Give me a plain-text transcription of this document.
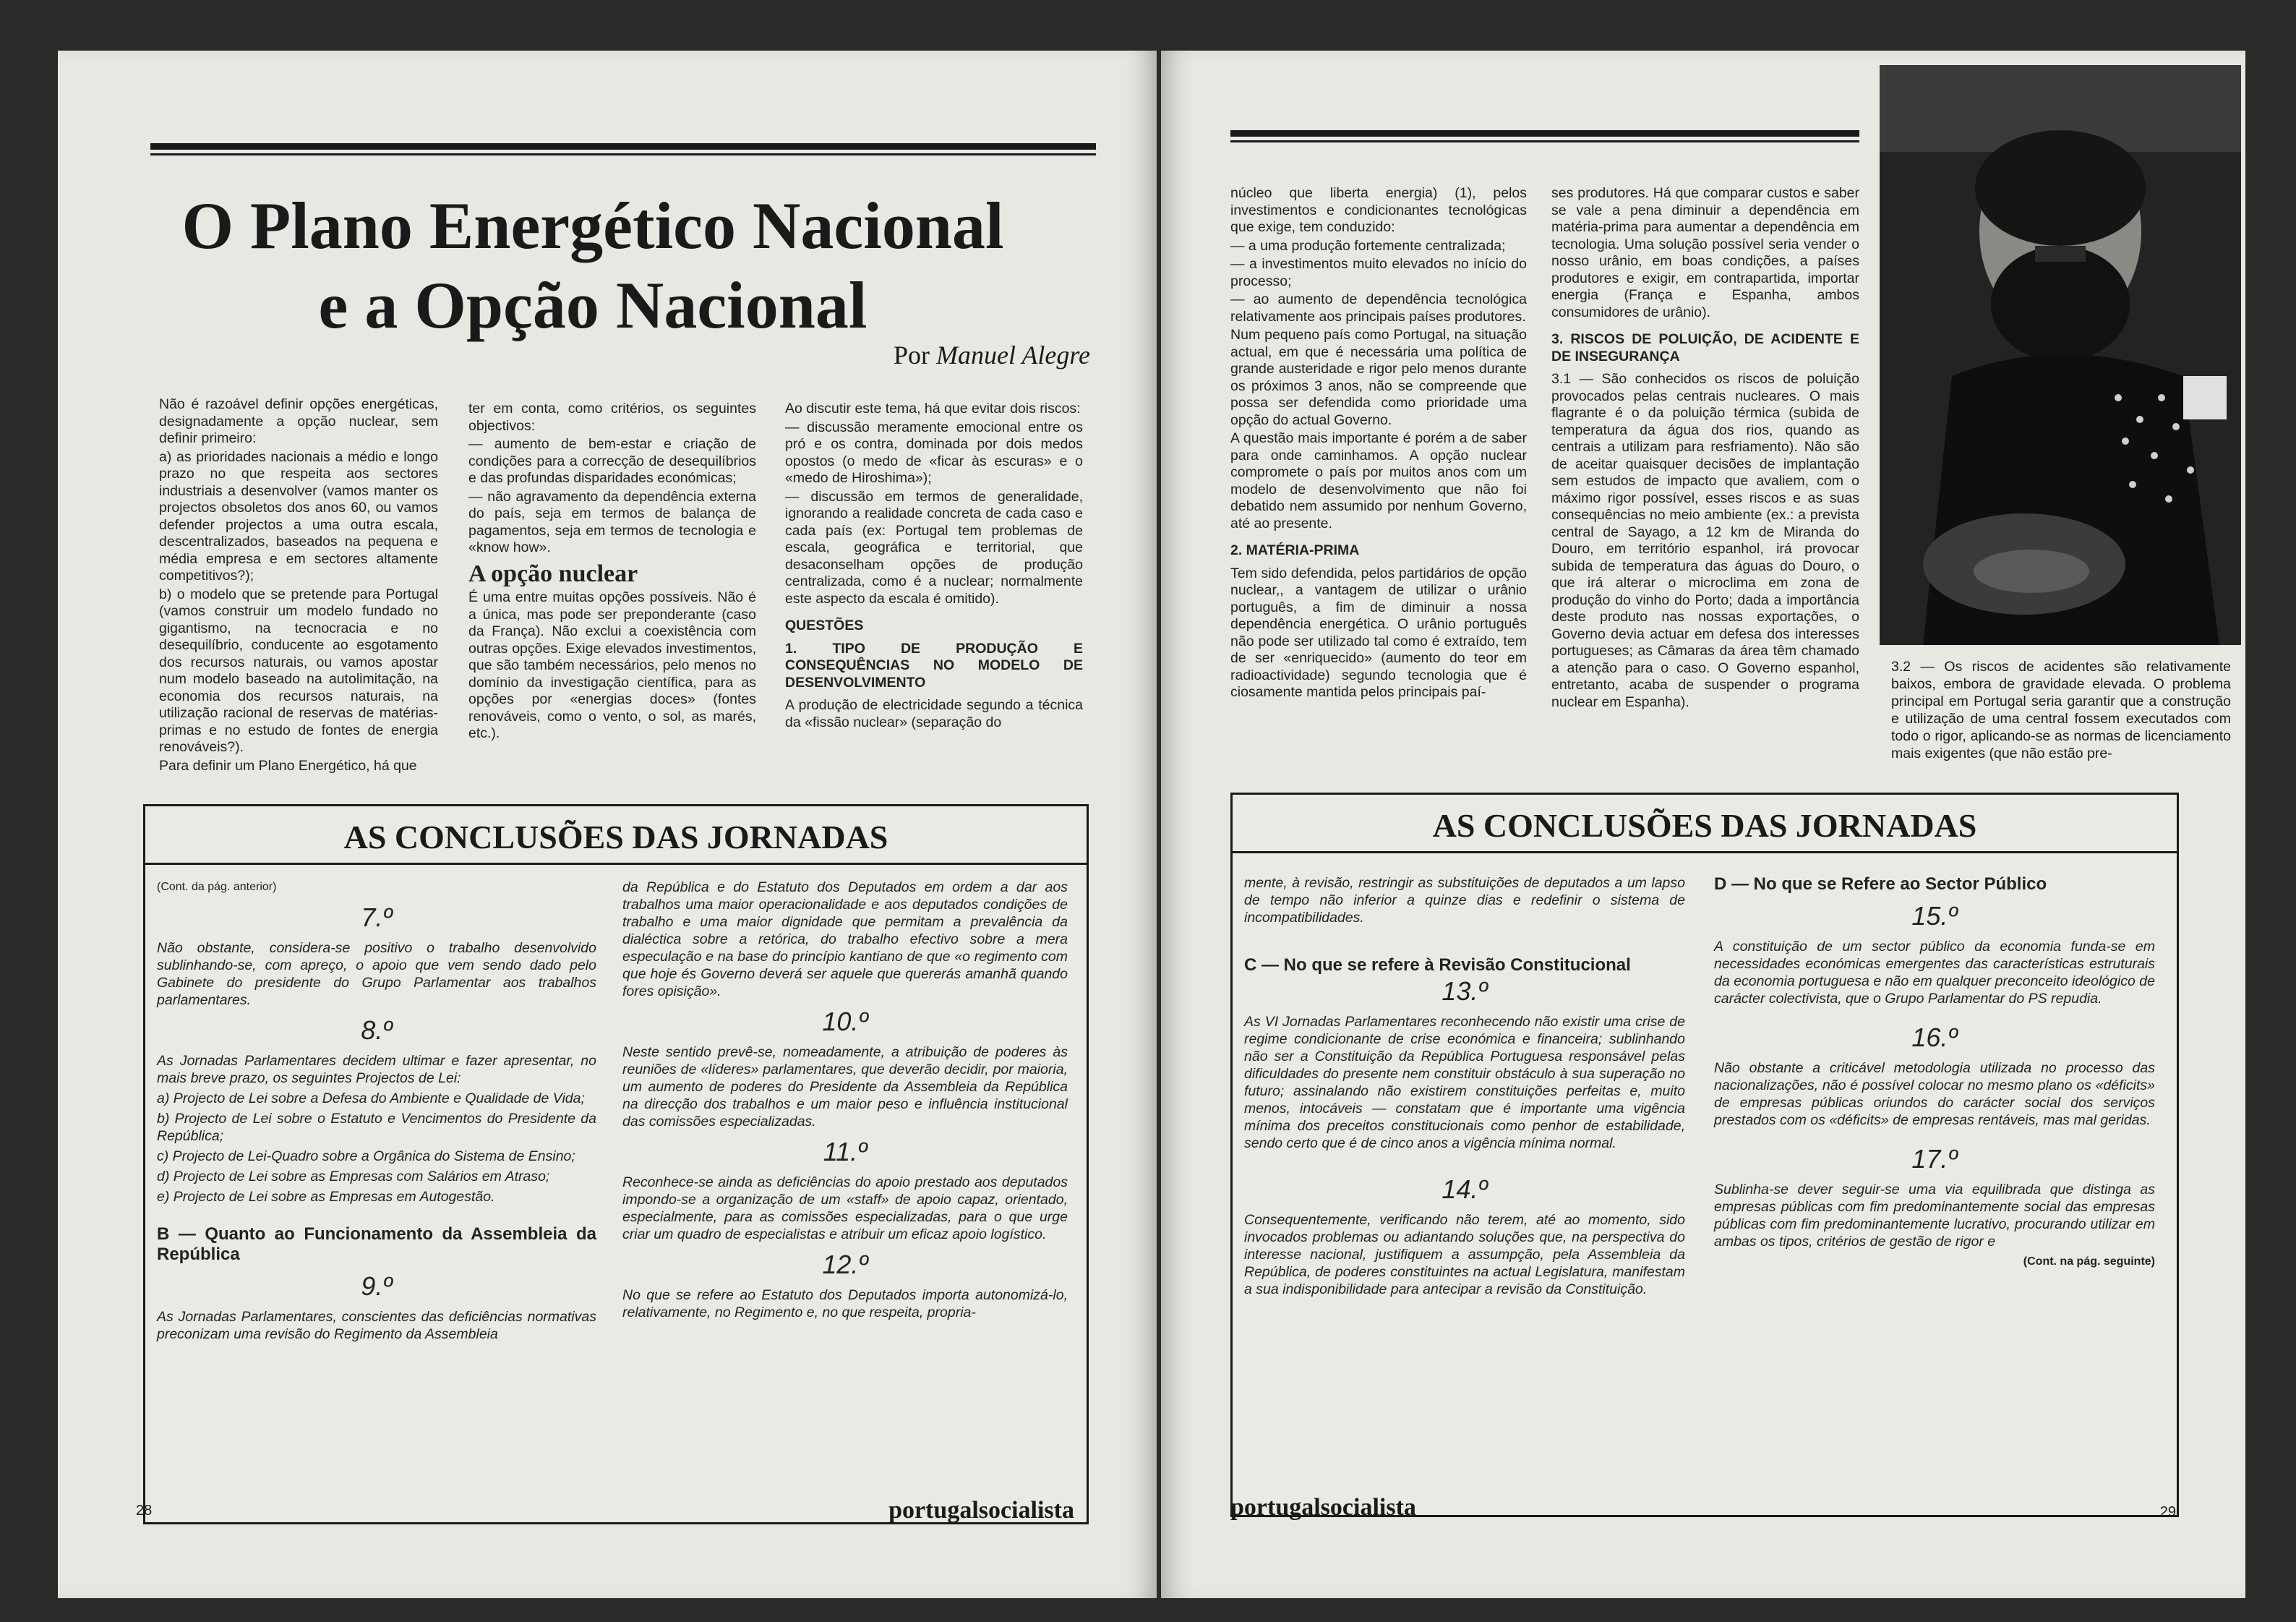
O Plano Energético Nacional
e a Opção Nacional
Por Manuel Alegre

Não é razoável definir opções energéticas, designadamente a opção nuclear, sem definir primeiro:

a) as prioridades nacionais a médio e longo prazo no que respeita aos sectores industriais a desenvolver (vamos manter os projectos obsoletos dos anos 60, ou vamos defender projectos a uma outra escala, descentralizados, baseados na pequena e média empresa e em sectores altamente competitivos?);

b) o modelo que se pretende para Portugal (vamos construir um modelo fundado no gigantismo, na tecnocracia e no desequilíbrio, conducente ao esgotamento dos recursos naturais, ou vamos apostar num modelo baseado na autolimitação, na economia dos recursos naturais, na utilização racional de reservas de matérias-primas e no estudo de fontes de energia renováveis?).

Para definir um Plano Energético, há que

ter em conta, como critérios, os seguintes objectivos:

— aumento de bem-estar e criação de condições para a correcção de desequilíbrios e das profundas disparidades económicas;

— não agravamento da dependência externa do país, seja em termos de balança de pagamentos, seja em termos de tecnologia e «know how».

A opção nuclear

É uma entre muitas opções possíveis. Não é a única, mas pode ser preponderante (caso da França). Não exclui a coexistência com outras opções. Exige elevados investimentos, que são também necessários, pelo menos no domínio da investigação científica, para as opções por «energias doces» (fontes renováveis, como o vento, o sol, as marés, etc.).

Ao discutir este tema, há que evitar dois riscos:

— discussão meramente emocional entre os pró e os contra, dominada por dois medos opostos (o medo de «ficar às escuras» e o «medo de Hiroshima»);

— discussão em termos de generalidade, ignorando a realidade concreta de cada caso e cada país (ex: Portugal tem problemas de escala, geográfica e territorial, que desaconselham opções de produção centralizada, como é a nuclear; normalmente este aspecto da escala é omitido).

QUESTÕES
1. TIPO DE PRODUÇÃO E CONSEQUÊNCIAS NO MODELO DE DESENVOLVIMENTO

A produção de electricidade segundo a técnica da «fissão nuclear» (separação do

AS CONCLUSÕES DAS JORNADAS

(Cont. da pág. anterior)

7.º

Não obstante, considera-se positivo o trabalho desenvolvido sublinhando-se, com apreço, o apoio que vem sendo dado pelo Gabinete do presidente do Grupo Parlamentar aos trabalhos parlamentares.

8.º

As Jornadas Parlamentares decidem ultimar e fazer apresentar, no mais breve prazo, os seguintes Projectos de Lei:

a) Projecto de Lei sobre a Defesa do Ambiente e Qualidade de Vida;

b) Projecto de Lei sobre o Estatuto e Vencimentos do Presidente da República;

c) Projecto de Lei-Quadro sobre a Orgânica do Sistema de Ensino;

d) Projecto de Lei sobre as Empresas com Salários em Atraso;

e) Projecto de Lei sobre as Empresas em Autogestão.

B — Quanto ao Funcionamento da Assembleia da República
9.º

As Jornadas Parlamentares, conscientes das deficiências normativas preconizam uma revisão do Regimento da Assembleia

da República e do Estatuto dos Deputados em ordem a dar aos trabalhos uma maior operacionalidade e aos deputados condições de trabalho e uma maior dignidade que permitam a prevalência da dialéctica sobre a retórica, do trabalho efectivo sobre a mera especulação e na base do princípio kantiano de que «o regimento com que hoje és Governo deverá ser aquele que quererás amanhã quando fores opisição».

10.º

Neste sentido prevê-se, nomeadamente, a atribuição de poderes às reuniões de «líderes» parlamentares, que deverão decidir, por maioria, um aumento de poderes do Presidente da Assembleia da República na direcção dos trabalhos e um maior peso e influência institucional das comissões especializadas.

11.º

Reconhece-se ainda as deficiências do apoio prestado aos deputados impondo-se a organização de um «staff» de apoio capaz, orientado, especialmente, para as comissões especializadas, para o que urge criar um quadro de especialistas e atribuir um eficaz apoio logístico.

12.º

No que se refere ao Estatuto dos Deputados importa autonomizá-lo, relativamente, no Regimento e, no que respeita, propria-

28	portugalsocialista

núcleo que liberta energia) (1), pelos investimentos e condicionantes tecnológicas que exige, tem conduzido:

— a uma produção fortemente centralizada;

— a investimentos muito elevados no início do processo;

— ao aumento de dependência tecnológica relativamente aos principais países produtores.

Num pequeno país como Portugal, na situação actual, em que é necessária uma política de grande austeridade e rigor pelo menos durante os próximos 3 anos, não se compreende que possa ser defendida como prioridade uma opção do actual Governo.

A questão mais importante é porém a de saber para onde caminhamos. A opção nuclear compromete o país por muitos anos com um modelo de desenvolvimento que não foi debatido nem assumido por nenhum Governo, até ao presente.

2. MATÉRIA-PRIMA

Tem sido defendida, pelos partidários de opção nuclear,, a vantagem de utilizar o urânio português, a fim de diminuir a nossa dependência energética. O urânio português não pode ser utilizado tal como é extraído, tem de ser «enriquecido» (aumento do teor em radioactividade) segundo tecnologia que é ciosamente mantida pelos principais paí-

ses produtores. Há que comparar custos e saber se vale a pena diminuir a dependência em matéria-prima para aumentar a dependência em tecnologia. Uma solução possível seria vender o nosso urânio, em boas condições, a países produtores e exigir, em contrapartida, importar energia (França e Espanha, ambos consumidores de urânio).

3. RISCOS DE POLUIÇÃO, DE ACIDENTE E DE INSEGURANÇA

3.1 — São conhecidos os riscos de poluição provocados pelas centrais nucleares. O mais flagrante é o da poluição térmica (subida de temperatura da água dos rios, quando as centrais a utilizam para resfriamento). Não são de aceitar quaisquer decisões de implantação sem estudos de impacto que avaliem, com o máximo rigor possível, esses riscos e as suas consequências no meio ambiente (ex.: a prevista central de Sayago, a 12 km de Miranda do Douro, em território espanhol, irá provocar subida de temperatura das águas do Douro, o que irá alterar o microclima em zona de produção do vinho do Porto; dada a importância deste produto nas nossas exportações, o Governo devia actuar em defesa dos interesses portugueses; as Câmaras da área têm chamado a atenção para o caso. O Governo espanhol, entretanto, acaba de suspender o programa nuclear em Espanha).

3.2 — Os riscos de acidentes são relativamente baixos, embora de gravidade elevada. O problema principal em Portugal seria garantir que a construção e utilização de uma central fossem executados com todo o rigor, aplicando-se as normas de licenciamento mais exigentes (que não estão pre-
AS CONCLUSÕES DAS JORNADAS

mente, à revisão, restringir as substituições de deputados a um lapso de tempo não inferior a quinze dias e redefinir o sistema de incompatibilidades.

C — No que se refere à Revisão Constitucional
13.º

As VI Jornadas Parlamentares reconhecendo não existir uma crise de regime condicionante de crise económica e financeira; sublinhando não ser a Constituição da República Portuguesa responsável pelas dificuldades do presente nem constituir obstáculo à sua superação no futuro; assinalando não existirem constituições perfeitas e, muito menos, intocáveis — constatam que é importante uma vigência mínima dos preceitos constitucionais como penhor de estabilidade, sendo certo que é de cinco anos a vigência mínima normal.

14.º

Consequentemente, verificando não terem, até ao momento, sido invocados problemas ou adiantando soluções que, na perspectiva do interesse nacional, justifiquem a assumpção, pela Assembleia da República, de poderes constituintes na actual Legislatura, manifestam a sua indisponibilidade para antecipar a revisão da Constituição.

D — No que se Refere ao Sector Público
15.º

A constituição de um sector público da economia funda-se em necessidades económicas emergentes das características estruturais da economia portuguesa e não em qualquer preconceito ideológico de carácter colectivista, que o Grupo Parlamentar do PS repudia.

16.º

Não obstante a criticável metodologia utilizada no processo das nacionalizações, não é possível colocar no mesmo plano os «déficits» de empresas públicas oriundos do carácter social dos serviços prestados com os «déficits» de empresas rentáveis, mas mal geridas.

17.º

Sublinha-se dever seguir-se uma via equilibrada que distinga as empresas públicas com fim predominantemente social das empresas públicas com fim predominantemente lucrativo, procurando utilizar em ambas os tipos, critérios de gestão de rigor e

(Cont. na pág. seguinte)

portugalsocialista	29
